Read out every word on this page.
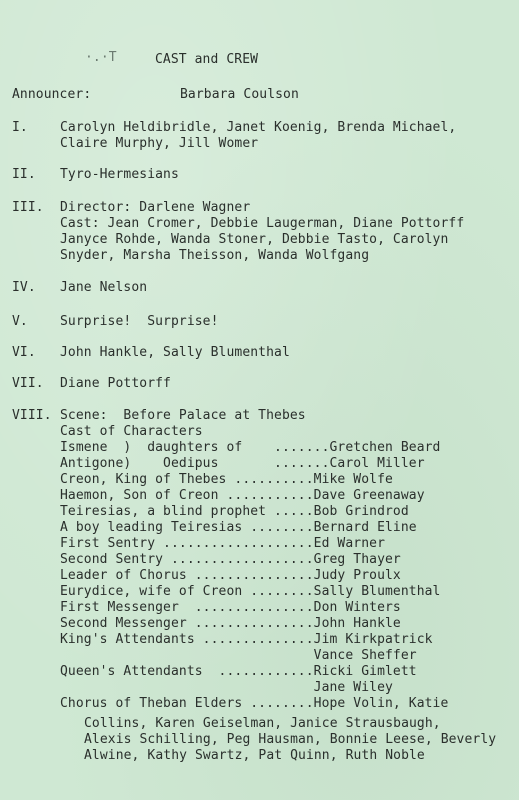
·.·T	CAST and CREW
Announcer:	Barbara Coulson
I. Carolyn Heldibridle, Janet Koenig, Brenda Michael,
Claire Murphy, Jill Womer
II. Tyro-Hermesians
III. Director: Darlene Wagner
Cast: Jean Cromer, Debbie Laugerman, Diane Pottorff
Janyce Rohde, Wanda Stoner, Debbie Tasto, Carolyn
Snyder, Marsha Theisson, Wanda Wolfgang
IV. Jane Nelson
V. Surprise!  Surprise!
VI. John Hankle, Sally Blumenthal
VII. Diane Pottorff
VIII. Scene:  Before Palace at Thebes
Cast of Characters
Ismene  )  daughters of    .......Gretchen Beard
Antigone)    Oedipus       .......Carol Miller
Creon, King of Thebes ..........Mike Wolfe
Haemon, Son of Creon ...........Dave Greenaway
Teiresias, a blind prophet .....Bob Grindrod
A boy leading Teiresias ........Bernard Eline
First Sentry ...................Ed Warner
Second Sentry ..................Greg Thayer
Leader of Chorus ...............Judy Proulx
Eurydice, wife of Creon ........Sally Blumenthal
First Messenger  ...............Don Winters
Second Messenger ...............John Hankle
King's Attendants ..............Jim Kirkpatrick
Vance Sheffer
Queen's Attendants  ............Ricki Gimlett
Jane Wiley
Chorus of Theban Elders ........Hope Volin, Katie
Collins, Karen Geiselman, Janice Strausbaugh,
Alexis Schilling, Peg Hausman, Bonnie Leese, Beverly
Alwine, Kathy Swartz, Pat Quinn, Ruth Noble
